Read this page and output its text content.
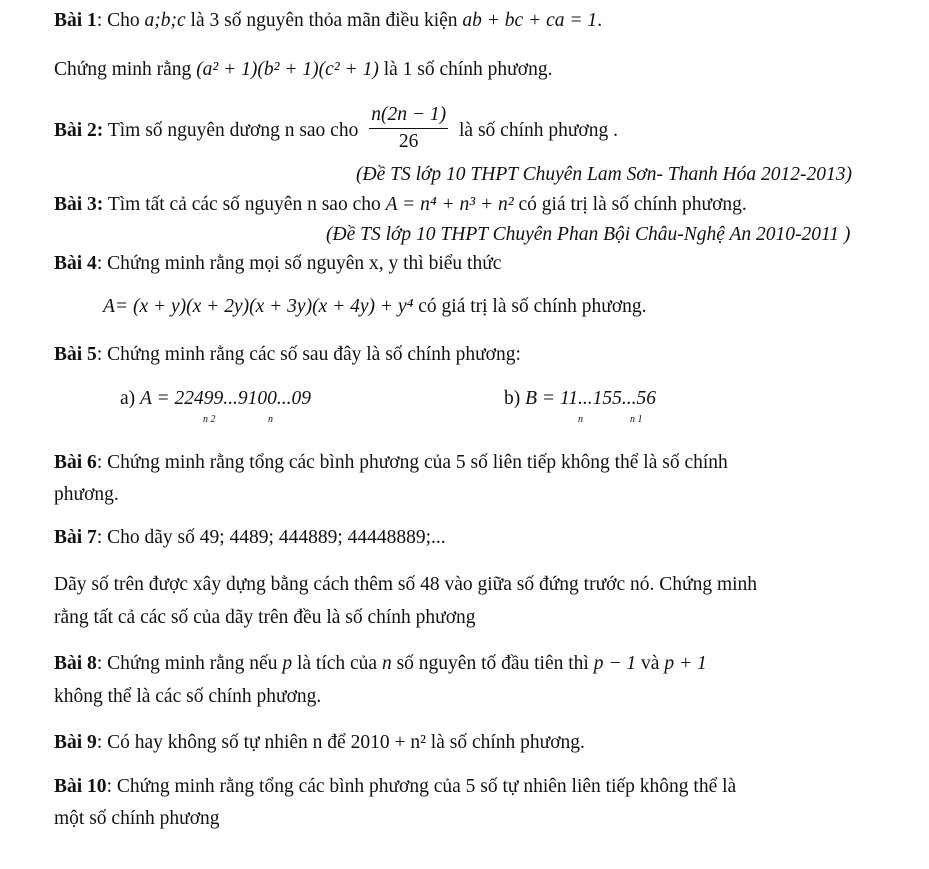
Bài 1: Cho a;b;c là 3 số nguyên thỏa mãn điều kiện ab + bc + ca = 1.
Chứng minh rằng (a² + 1)(b² + 1)(c² + 1) là 1 số chính phương.
Bài 2: Tìm số nguyên dương n sao cho $\frac{n(2n - 1)}{26}$ là số chính phương .
(Đề TS lớp 10 THPT Chuyên Lam Sơn- Thanh Hóa 2012-2013)
Bài 3: Tìm tất cả các số nguyên n sao cho A = n⁴ + n³ + n² có giá trị là số chính phương.
(Đề TS lớp 10 THPT Chuyên Phan Bội Châu-Nghệ An 2010-2011 )
Bài 4: Chứng minh rằng mọi số nguyên x, y thì biểu thức
A= (x + y)(x + 2y)(x + 3y)(x + 4y) + y⁴ có giá trị là số chính phương.
Bài 5: Chứng minh rằng các số sau đây là số chính phương:
a) A = 22499...9100...09
n 2	n
b) B = 11...155...56
n	n 1
Bài 6: Chứng minh rằng tổng các bình phương của 5 số liên tiếp không thể là số chính
phương.
Bài 7: Cho dãy số 49; 4489; 444889; 44448889;...
Dãy số trên được xây dựng bằng cách thêm số 48 vào giữa số đứng trước nó. Chứng minh
rằng tất cả các số của dãy trên đều là số chính phương
Bài 8: Chứng minh rằng nếu p là tích của n số nguyên tố đầu tiên thì p − 1 và p + 1
không thể là các số chính phương.
Bài 9: Có hay không số tự nhiên n để 2010 + n² là số chính phương.
Bài 10: Chứng minh rằng tổng các bình phương của 5 số tự nhiên liên tiếp không thể là
một số chính phương
